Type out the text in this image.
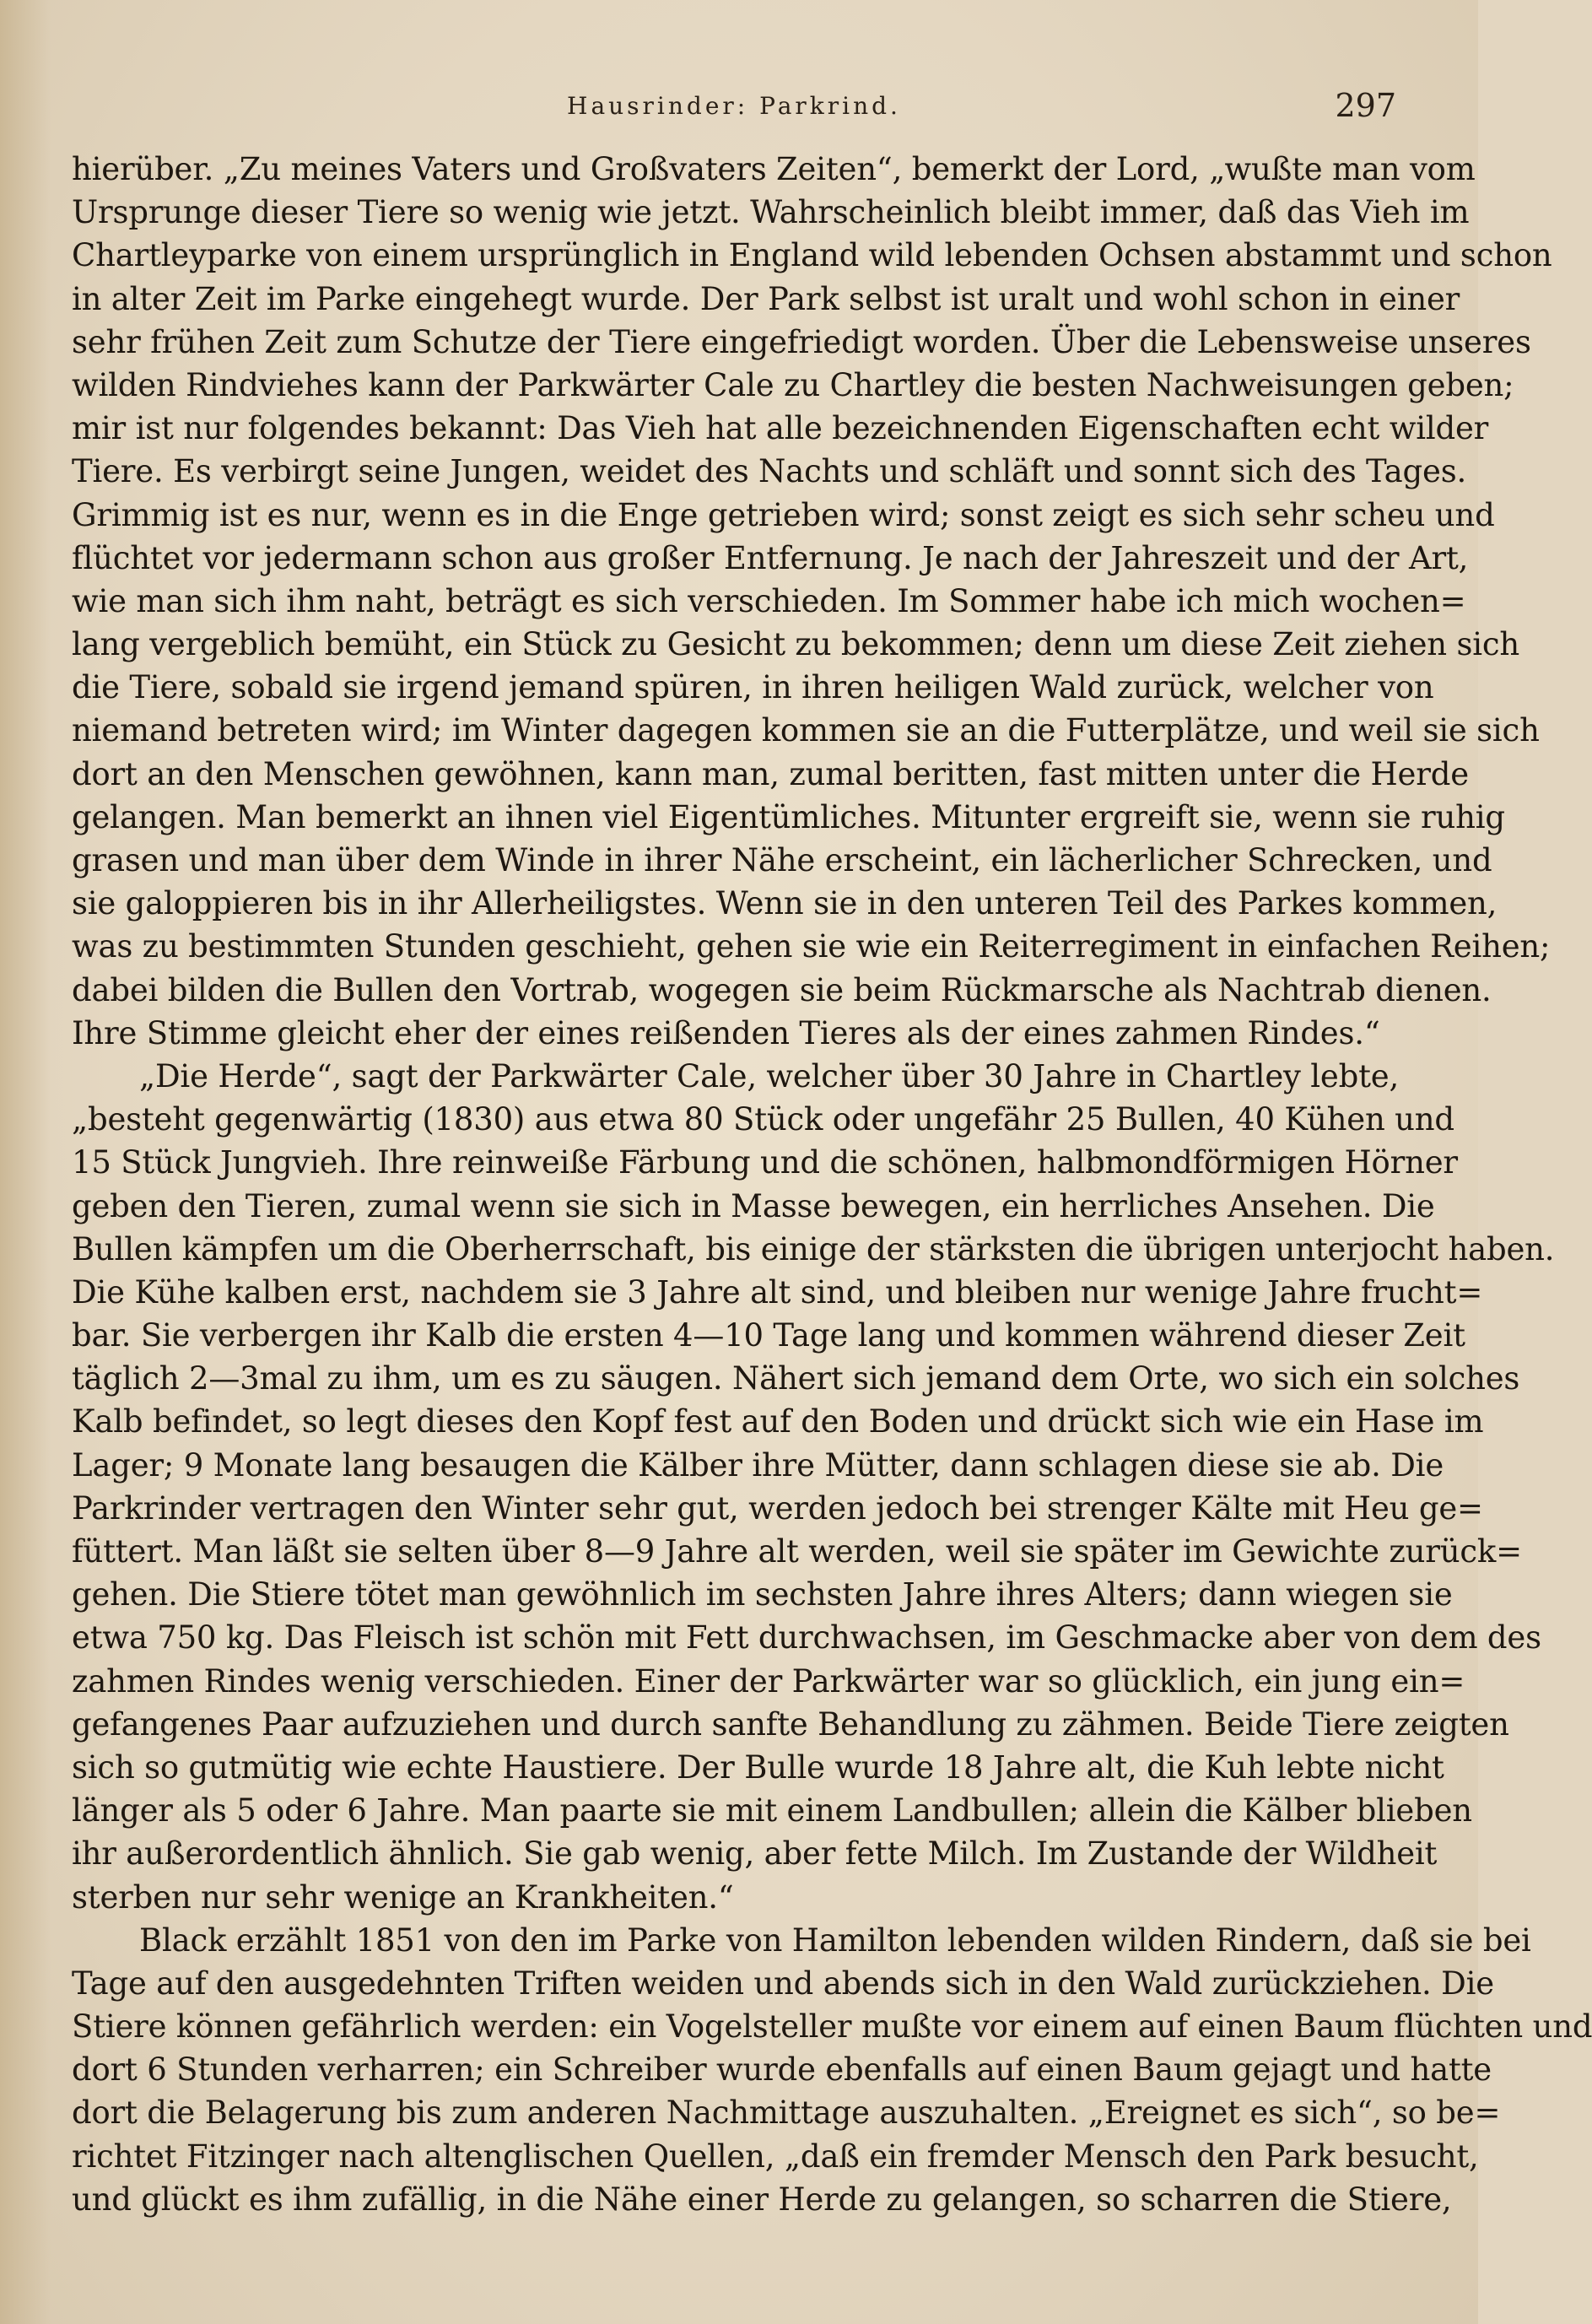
Hausrinder: Parkrind.	297
hierüber. „Zu meines Vaters und Großvaters Zeiten“, bemerkt der Lord, „wußte man vom
Ursprunge dieser Tiere so wenig wie jetzt. Wahrscheinlich bleibt immer, daß das Vieh im
Chartleyparke von einem ursprünglich in England wild lebenden Ochsen abstammt und schon
in alter Zeit im Parke eingehegt wurde. Der Park selbst ist uralt und wohl schon in einer
sehr frühen Zeit zum Schutze der Tiere eingefriedigt worden. Über die Lebensweise unseres
wilden Rindviehes kann der Parkwärter Cale zu Chartley die besten Nachweisungen geben;
mir ist nur folgendes bekannt: Das Vieh hat alle bezeichnenden Eigenschaften echt wilder
Tiere. Es verbirgt seine Jungen, weidet des Nachts und schläft und sonnt sich des Tages.
Grimmig ist es nur, wenn es in die Enge getrieben wird; sonst zeigt es sich sehr scheu und
flüchtet vor jedermann schon aus großer Entfernung. Je nach der Jahreszeit und der Art,
wie man sich ihm naht, beträgt es sich verschieden. Im Sommer habe ich mich wochen=
lang vergeblich bemüht, ein Stück zu Gesicht zu bekommen; denn um diese Zeit ziehen sich
die Tiere, sobald sie irgend jemand spüren, in ihren heiligen Wald zurück, welcher von
niemand betreten wird; im Winter dagegen kommen sie an die Futterplätze, und weil sie sich
dort an den Menschen gewöhnen, kann man, zumal beritten, fast mitten unter die Herde
gelangen. Man bemerkt an ihnen viel Eigentümliches. Mitunter ergreift sie, wenn sie ruhig
grasen und man über dem Winde in ihrer Nähe erscheint, ein lächerlicher Schrecken, und
sie galoppieren bis in ihr Allerheiligstes. Wenn sie in den unteren Teil des Parkes kommen,
was zu bestimmten Stunden geschieht, gehen sie wie ein Reiterregiment in einfachen Reihen;
dabei bilden die Bullen den Vortrab, wogegen sie beim Rückmarsche als Nachtrab dienen.
Ihre Stimme gleicht eher der eines reißenden Tieres als der eines zahmen Rindes.“
„Die Herde“, sagt der Parkwärter Cale, welcher über 30 Jahre in Chartley lebte,
„besteht gegenwärtig (1830) aus etwa 80 Stück oder ungefähr 25 Bullen, 40 Kühen und
15 Stück Jungvieh. Ihre reinweiße Färbung und die schönen, halbmondförmigen Hörner
geben den Tieren, zumal wenn sie sich in Masse bewegen, ein herrliches Ansehen. Die
Bullen kämpfen um die Oberherrschaft, bis einige der stärksten die übrigen unterjocht haben.
Die Kühe kalben erst, nachdem sie 3 Jahre alt sind, und bleiben nur wenige Jahre frucht=
bar. Sie verbergen ihr Kalb die ersten 4—10 Tage lang und kommen während dieser Zeit
täglich 2—3mal zu ihm, um es zu säugen. Nähert sich jemand dem Orte, wo sich ein solches
Kalb befindet, so legt dieses den Kopf fest auf den Boden und drückt sich wie ein Hase im
Lager; 9 Monate lang besaugen die Kälber ihre Mütter, dann schlagen diese sie ab. Die
Parkrinder vertragen den Winter sehr gut, werden jedoch bei strenger Kälte mit Heu ge=
füttert. Man läßt sie selten über 8—9 Jahre alt werden, weil sie später im Gewichte zurück=
gehen. Die Stiere tötet man gewöhnlich im sechsten Jahre ihres Alters; dann wiegen sie
etwa 750 kg. Das Fleisch ist schön mit Fett durchwachsen, im Geschmacke aber von dem des
zahmen Rindes wenig verschieden. Einer der Parkwärter war so glücklich, ein jung ein=
gefangenes Paar aufzuziehen und durch sanfte Behandlung zu zähmen. Beide Tiere zeigten
sich so gutmütig wie echte Haustiere. Der Bulle wurde 18 Jahre alt, die Kuh lebte nicht
länger als 5 oder 6 Jahre. Man paarte sie mit einem Landbullen; allein die Kälber blieben
ihr außerordentlich ähnlich. Sie gab wenig, aber fette Milch. Im Zustande der Wildheit
sterben nur sehr wenige an Krankheiten.“
Black erzählt 1851 von den im Parke von Hamilton lebenden wilden Rindern, daß sie bei
Tage auf den ausgedehnten Triften weiden und abends sich in den Wald zurückziehen. Die
Stiere können gefährlich werden: ein Vogelsteller mußte vor einem auf einen Baum flüchten und
dort 6 Stunden verharren; ein Schreiber wurde ebenfalls auf einen Baum gejagt und hatte
dort die Belagerung bis zum anderen Nachmittage auszuhalten. „Ereignet es sich“, so be=
richtet Fitzinger nach altenglischen Quellen, „daß ein fremder Mensch den Park besucht,
und glückt es ihm zufällig, in die Nähe einer Herde zu gelangen, so scharren die Stiere,
